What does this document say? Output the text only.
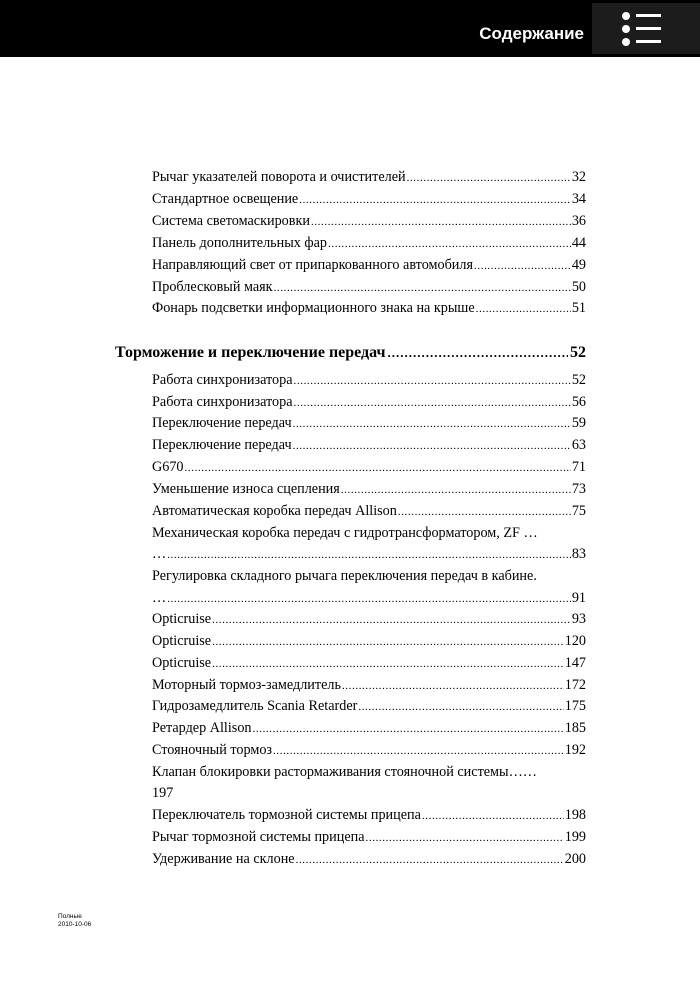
Содержание
Рычаг указателей поворота и очистителей .....	32
Стандартное освещение .....	34
Система светомаскировки .....	36
Панель дополнительных фар .....	44
Направляющий свет от припаркованного автомобиля .....	49
Проблесковый маяк .....	50
Фонарь подсветки информационного знака на крыше .....	51
Торможение и переключение передач .....	52
Работа синхронизатора .....	52
Работа синхронизатора .....	56
Переключение передач .....	59
Переключение передач .....	63
G670 .....	71
Уменьшение износа сцепления .....	73
Автоматическая коробка передач Allison .....	75
Механическая коробка передач с гидротрансформатором, ZF …
… .....	83
Регулировка складного рычага переключения передач в кабине.
… .....	91
Opticruise .....	93
Opticruise .....	120
Opticruise .....	147
Моторный тормоз-замедлитель .....	172
Гидрозамедлитель Scania Retarder .....	175
Ретардер Allison .....	185
Стояночный тормоз .....	192
Клапан блокировки растормаживания стояночной системы……
197
Переключатель тормозной системы прицепа .....	198
Рычаг тормозной системы прицепа .....	199
Удерживание на склоне .....	200
Полные
2010-10-06
